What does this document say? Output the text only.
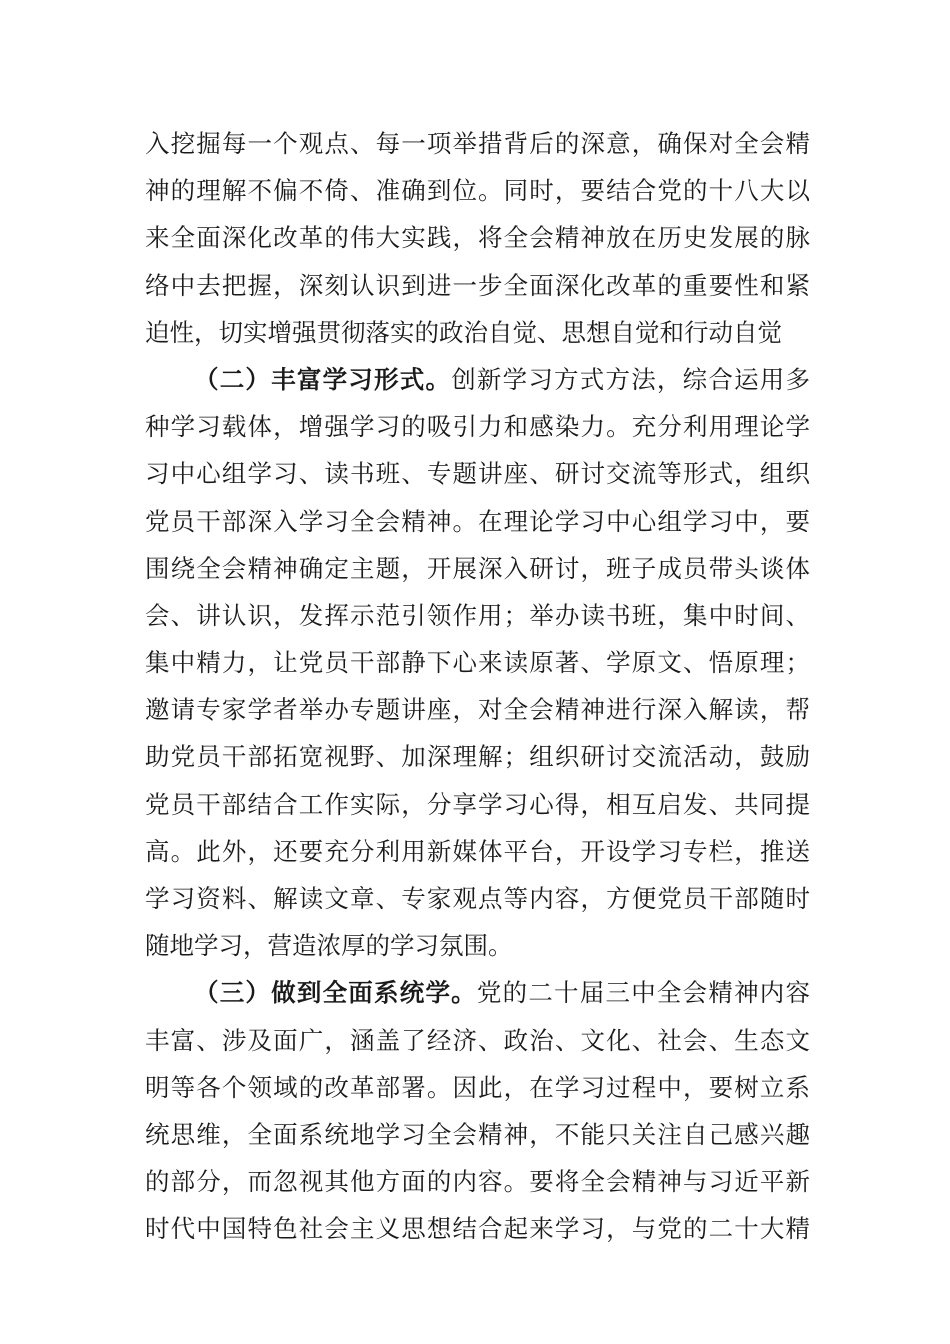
入挖掘每一个观点、每一项举措背后的深意，确保对全会精
神的理解不偏不倚、准确到位。同时，要结合党的十八大以
来全面深化改革的伟大实践，将全会精神放在历史发展的脉
络中去把握，深刻认识到进一步全面深化改革的重要性和紧
迫性，切实增强贯彻落实的政治自觉、思想自觉和行动自觉
（二）丰富学习形式。创新学习方式方法，综合运用多
种学习载体，增强学习的吸引力和感染力。充分利用理论学
习中心组学习、读书班、专题讲座、研讨交流等形式，组织
党员干部深入学习全会精神。在理论学习中心组学习中，要
围绕全会精神确定主题，开展深入研讨，班子成员带头谈体
会、讲认识，发挥示范引领作用；举办读书班，集中时间、
集中精力，让党员干部静下心来读原著、学原文、悟原理；
邀请专家学者举办专题讲座，对全会精神进行深入解读，帮
助党员干部拓宽视野、加深理解；组织研讨交流活动，鼓励
党员干部结合工作实际，分享学习心得，相互启发、共同提
高。此外，还要充分利用新媒体平台，开设学习专栏，推送
学习资料、解读文章、专家观点等内容，方便党员干部随时
随地学习，营造浓厚的学习氛围。
（三）做到全面系统学。党的二十届三中全会精神内容
丰富、涉及面广，涵盖了经济、政治、文化、社会、生态文
明等各个领域的改革部署。因此，在学习过程中，要树立系
统思维，全面系统地学习全会精神，不能只关注自己感兴趣
的部分，而忽视其他方面的内容。要将全会精神与习近平新
时代中国特色社会主义思想结合起来学习，与党的二十大精
